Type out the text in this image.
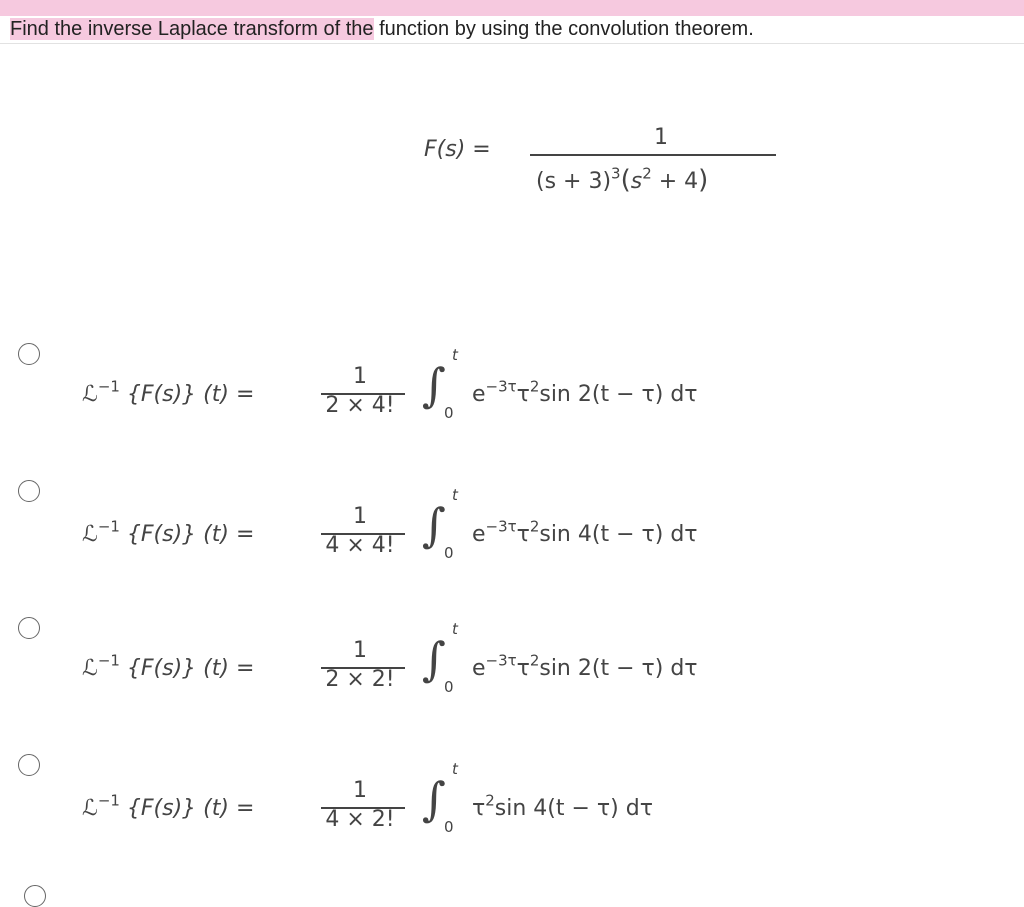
Find the inverse Laplace transform of the function by using the convolution theorem.
F(s) =	1
$(s + 3)^3(s^2 + 4)$
ℒ$^{-1}$ {F(s)} (t) =
1
2 × 4! ∫
t
0
$e^{-3\tau}\tau^2\sin$ 2(t − τ) dτ
ℒ$^{-1}$ {F(s)} (t) =
1
4 × 4! ∫
t
0
$e^{-3\tau}\tau^2\sin$ 4(t − τ) dτ
ℒ$^{-1}$ {F(s)} (t) =
1
2 × 2! ∫
t
0
$e^{-3\tau}\tau^2\sin$ 2(t − τ) dτ
ℒ$^{-1}$ {F(s)} (t) =
1
4 × 2! ∫
t
0
$\tau^2\sin$ 4(t − τ) dτ
